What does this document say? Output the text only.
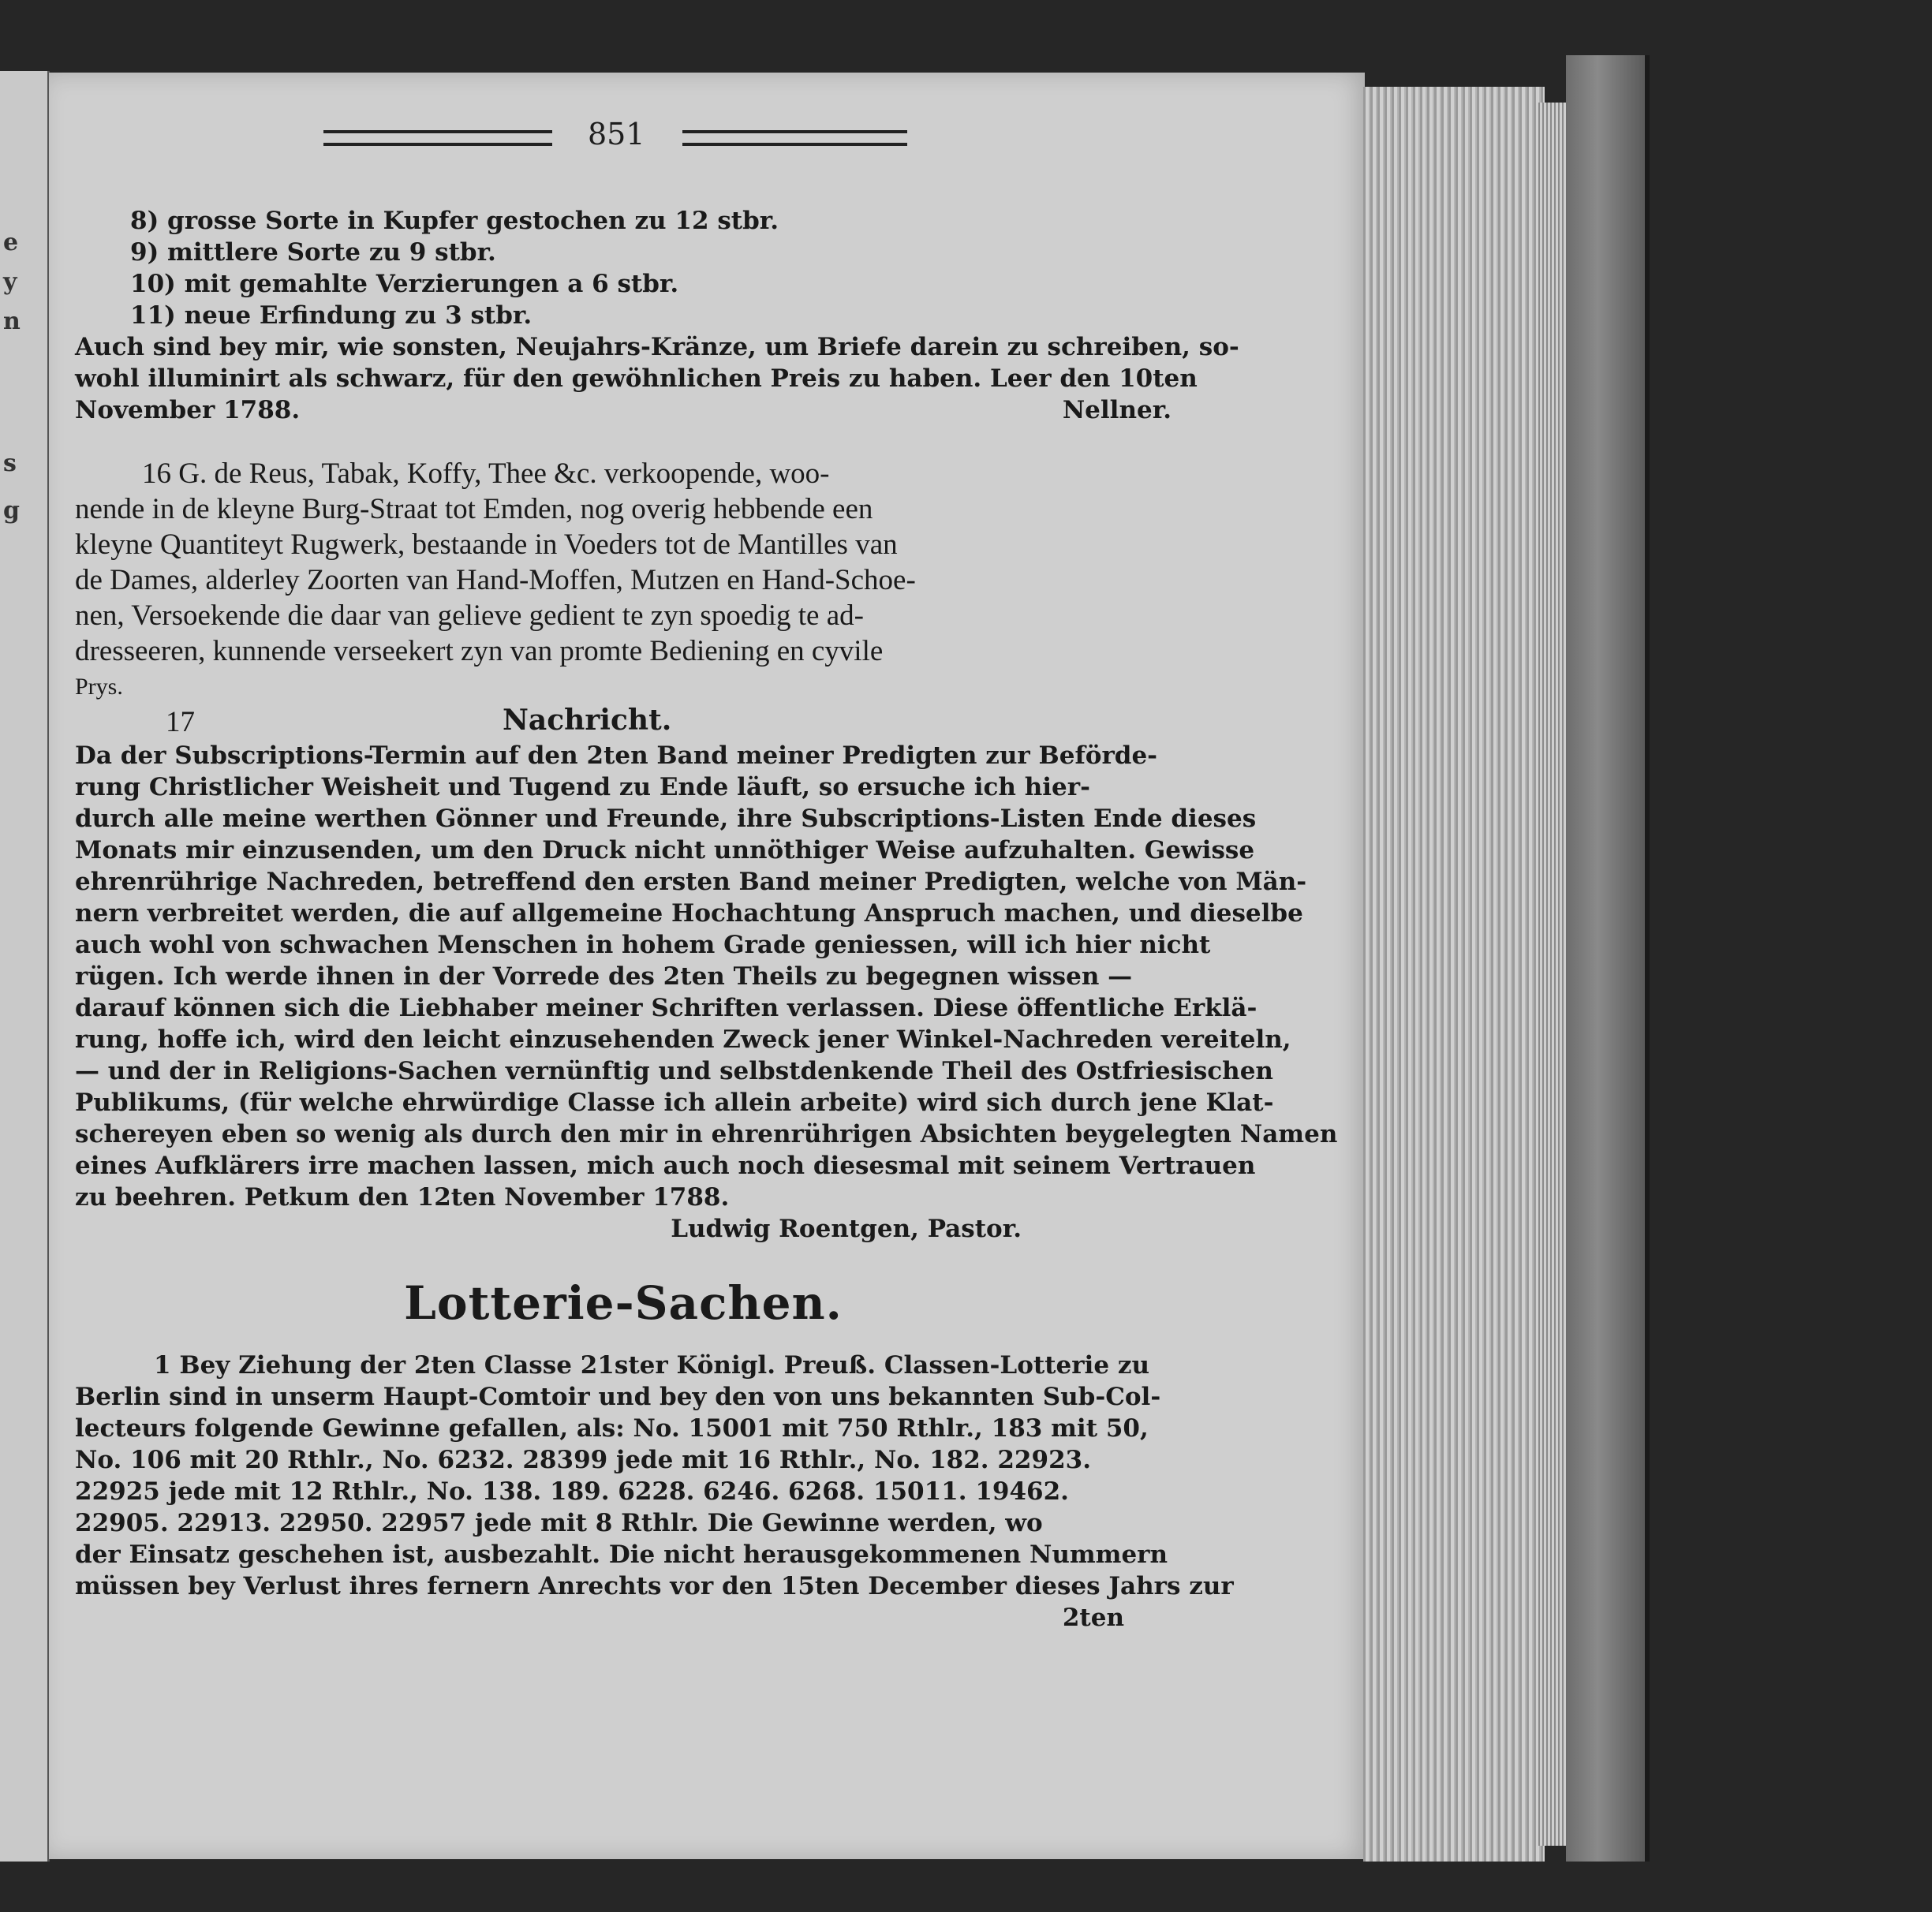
e
y
n
s
g
851
8) grosse Sorte in Kupfer gestochen zu 12 stbr.
9) mittlere Sorte zu 9 stbr.
10) mit gemahlte Verzierungen a 6 stbr.
11) neue Erfindung zu 3 stbr.
Auch sind bey mir, wie sonsten, Neujahrs-Kränze, um Briefe darein zu schreiben, so-
wohl illuminirt als schwarz, für den gewöhnlichen Preis zu haben. Leer den 10ten
November 1788.	Nellner.
16 G. de Reus, Tabak, Koffy, Thee &c. verkoopende, woo-
nende in de kleyne Burg-Straat tot Emden, nog overig hebbende een
kleyne Quantiteyt Rugwerk, bestaande in Voeders tot de Mantilles van
de Dames, alderley Zoorten van Hand-Moffen, Mutzen en Hand-Schoe-
nen, Versoekende die daar van gelieve gedient te zyn spoedig te ad-
dresseeren, kunnende verseekert zyn van promte Bediening en cyvile
Prys.
17	Nachricht.
Da der Subscriptions-Termin auf den 2ten Band meiner Predigten zur Beförde-
rung Christlicher Weisheit und Tugend zu Ende läuft, so ersuche ich hier-
durch alle meine werthen Gönner und Freunde, ihre Subscriptions-Listen Ende dieses
Monats mir einzusenden, um den Druck nicht unnöthiger Weise aufzuhalten. Gewisse
ehrenrührige Nachreden, betreffend den ersten Band meiner Predigten, welche von Män-
nern verbreitet werden, die auf allgemeine Hochachtung Anspruch machen, und dieselbe
auch wohl von schwachen Menschen in hohem Grade geniessen, will ich hier nicht
rügen. Ich werde ihnen in der Vorrede des 2ten Theils zu begegnen wissen —
darauf können sich die Liebhaber meiner Schriften verlassen. Diese öffentliche Erklä-
rung, hoffe ich, wird den leicht einzusehenden Zweck jener Winkel-Nachreden vereiteln,
— und der in Religions-Sachen vernünftig und selbstdenkende Theil des Ostfriesischen
Publikums, (für welche ehrwürdige Classe ich allein arbeite) wird sich durch jene Klat-
schereyen eben so wenig als durch den mir in ehrenrührigen Absichten beygelegten Namen
eines Aufklärers irre machen lassen, mich auch noch diesesmal mit seinem Vertrauen
zu beehren. Petkum den 12ten November 1788.
Ludwig Roentgen, Pastor.
Lotterie-Sachen.
1 Bey Ziehung der 2ten Classe 21ster Königl. Preuß. Classen-Lotterie zu
Berlin sind in unserm Haupt-Comtoir und bey den von uns bekannten Sub-Col-
lecteurs folgende Gewinne gefallen, als: No. 15001 mit 750 Rthlr., 183 mit 50,
No. 106 mit 20 Rthlr., No. 6232. 28399 jede mit 16 Rthlr., No. 182. 22923.
22925 jede mit 12 Rthlr., No. 138. 189. 6228. 6246. 6268. 15011. 19462.
22905. 22913. 22950. 22957 jede mit 8 Rthlr. Die Gewinne werden, wo
der Einsatz geschehen ist, ausbezahlt. Die nicht herausgekommenen Nummern
müssen bey Verlust ihres fernern Anrechts vor den 15ten December dieses Jahrs zur
2ten
